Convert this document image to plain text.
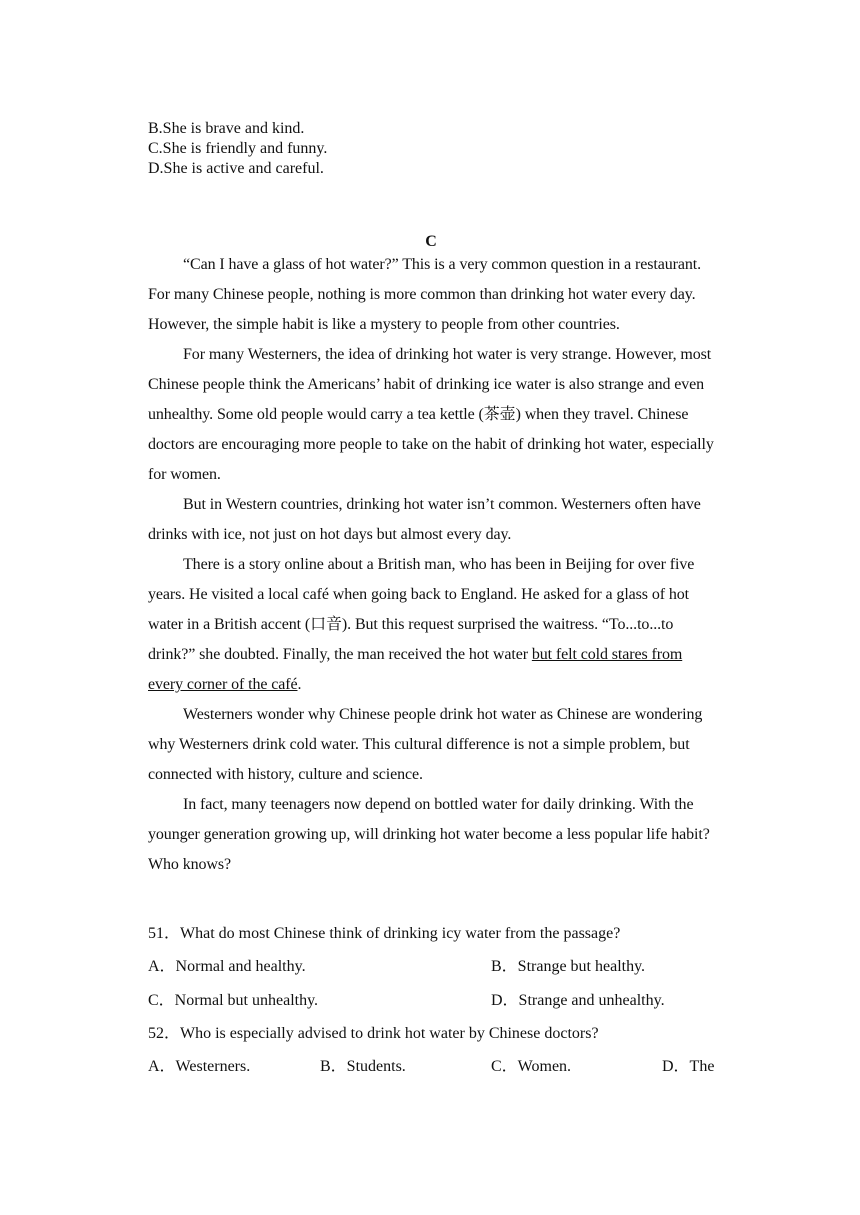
B.She is brave and kind.
C.She is friendly and funny.
D.She is active and careful.
C

“Can I have a glass of hot water?” This is a very common question in a restaurant. For many Chinese people, nothing is more common than drinking hot water every day. However, the simple habit is like a mystery to people from other countries.

For many Westerners, the idea of drinking hot water is very strange. However, most Chinese people think the Americans’ habit of drinking ice water is also strange and even unhealthy. Some old people would carry a tea kettle (茶壶) when they travel. Chinese doctors are encouraging more people to take on the habit of drinking hot water, especially for women.

But in Western countries, drinking hot water isn’t common. Westerners often have drinks with ice, not just on hot days but almost every day.

There is a story online about a British man, who has been in Beijing for over five years. He visited a local café when going back to England. He asked for a glass of hot water in a British accent (口音). But this request surprised the waitress. “To...to...to drink?” she doubted. Finally, the man received the hot water but felt cold stares from every corner of the café.

Westerners wonder why Chinese people drink hot water as Chinese are wondering why Westerners drink cold water. This cultural difference is not a simple problem, but connected with history, culture and science.

In fact, many teenagers now depend on bottled water for daily drinking. With the younger generation growing up, will drinking hot water become a less popular life habit? Who knows?

51．What do most Chinese think of drinking icy water from the passage?
A．Normal and healthy.	B．Strange but healthy.
C．Normal but unhealthy.	D．Strange and unhealthy.
52．Who is especially advised to drink hot water by Chinese doctors?
A．Westerners.	B．Students.	C．Women.	D．The
